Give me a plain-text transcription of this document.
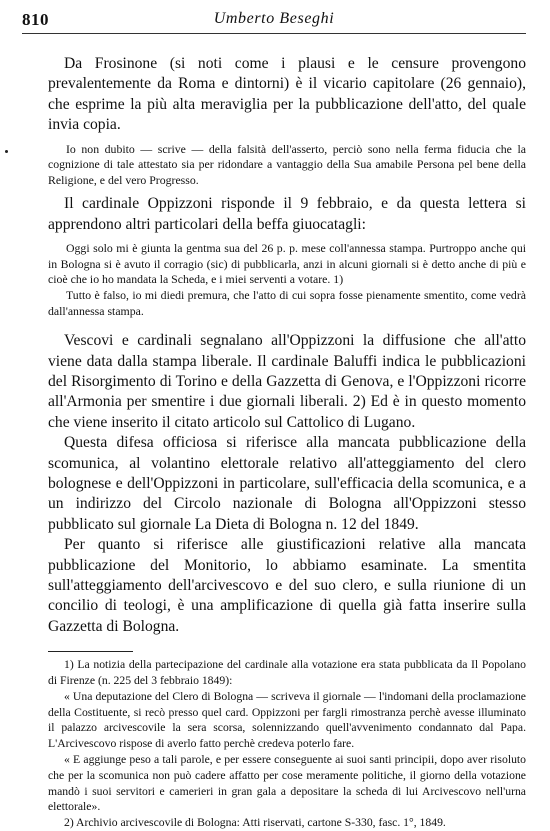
810	Umberto Beseghi

Da Frosinone (si noti come i plausi e le censure provengono prevalentemente da Roma e dintorni) è il vicario capitolare (26 gennaio), che esprime la più alta meraviglia per la pubblicazione dell'atto, del quale invia copia.

Io non dubito — scrive — della falsità dell'asserto, perciò sono nella ferma fiducia che la cognizione di tale attestato sia per ridondare a vantaggio della Sua amabile Persona pel bene della Religione, e del vero Progresso.

Il cardinale Oppizzoni risponde il 9 febbraio, e da questa lettera si apprendono altri particolari della beffa giuocatagli:

Oggi solo mi è giunta la gentma sua del 26 p. p. mese coll'annessa stampa. Purtroppo anche qui in Bologna si è avuto il corragio (sic) di pubblicarla, anzi in alcuni giornali si è detto anche di più e cioè che io ho mandata la Scheda, e i miei serventi a votare. 1)

Tutto è falso, io mi diedi premura, che l'atto di cui sopra fosse pienamente smentito, come vedrà dall'annessa stampa.

Vescovi e cardinali segnalano all'Oppizzoni la diffusione che all'atto viene data dalla stampa liberale. Il cardinale Baluffi indica le pubblicazioni del Risorgimento di Torino e della Gazzetta di Genova, e l'Oppizzoni ricorre all'Armonia per smentire i due giornali liberali. 2) Ed è in questo momento che viene inserito il citato articolo sul Cattolico di Lugano.

Questa difesa officiosa si riferisce alla mancata pubblicazione della scomunica, al volantino elettorale relativo all'atteggiamento del clero bolognese e dell'Oppizzoni in particolare, sull'efficacia della scomunica, e a un indirizzo del Circolo nazionale di Bologna all'Oppizzoni stesso pubblicato sul giornale La Dieta di Bologna n. 12 del 1849.

Per quanto si riferisce alle giustificazioni relative alla mancata pubblicazione del Monitorio, lo abbiamo esaminate. La smentita sull'atteggiamento dell'arcivescovo e del suo clero, e sulla riunione di un concilio di teologi, è una amplificazione di quella già fatta inserire sulla Gazzetta di Bologna.

1) La notizia della partecipazione del cardinale alla votazione era stata pubblicata da Il Popolano di Firenze (n. 225 del 3 febbraio 1849):

« Una deputazione del Clero di Bologna — scriveva il giornale — l'indomani della proclamazione della Costituente, si recò presso quel card. Oppizzoni per fargli rimostranza perchè avesse illuminato il palazzo arcivescovile la sera scorsa, solennizzando quell'avvenimento condannato dal Papa. L'Arcivescovo rispose di averlo fatto perchè credeva poterlo fare.

« E aggiunge peso a tali parole, e per essere conseguente ai suoi santi principii, dopo aver risoluto che per la scomunica non può cadere affatto per cose meramente politiche, il giorno della votazione mandò i suoi servitori e camerieri in gran gala a depositare la scheda di lui Arcivescovo nell'urna elettorale».

2) Archivio arcivescovile di Bologna: Atti riservati, cartone S-330, fasc. 1°, 1849.
